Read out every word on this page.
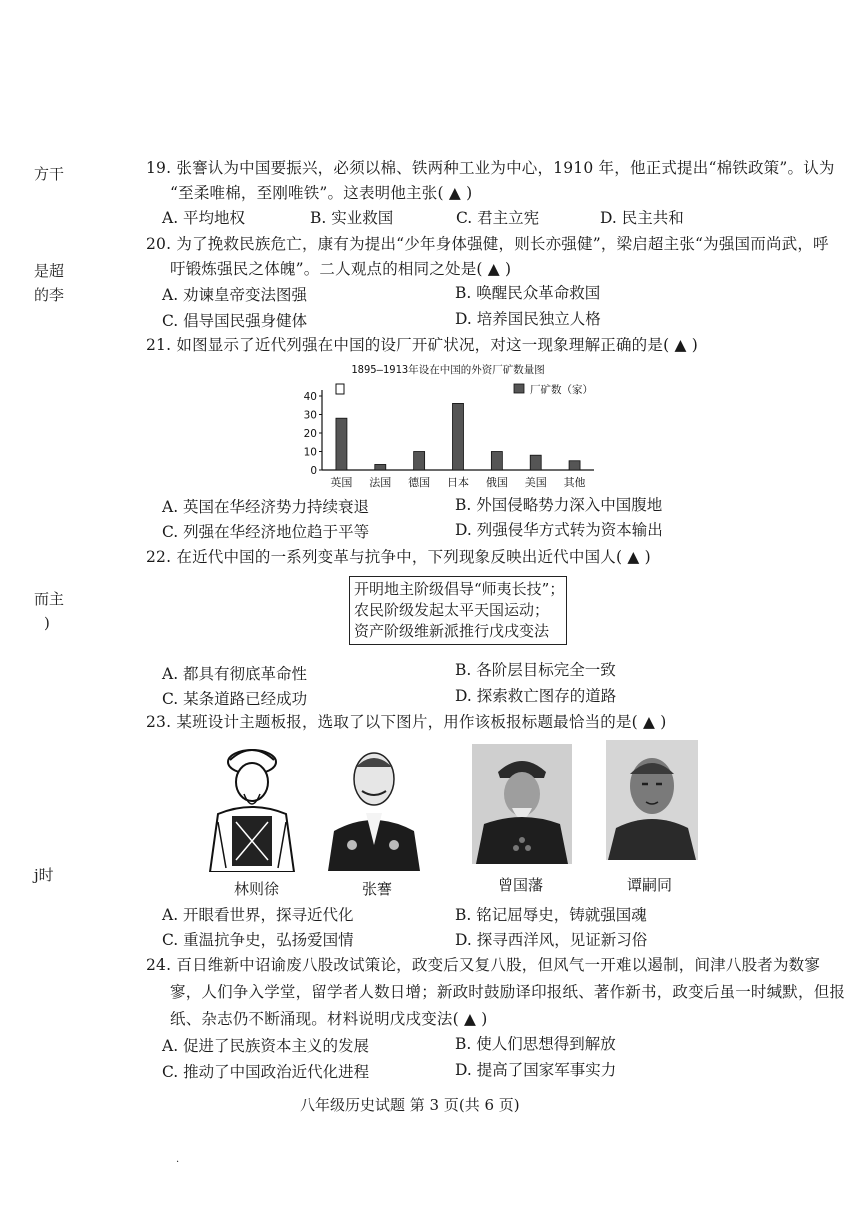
方干
是超
的李
而主
)
j时
19. 张謇认为中国要振兴，必须以棉、铁两种工业为中心，1910 年，他正式提出“棉铁政策”。认为
“至柔唯棉，至刚唯铁”。这表明他主张( ▲ )
A. 平均地权	B. 实业救国	C. 君主立宪	D. 民主共和
20. 为了挽救民族危亡，康有为提出“少年身体强健，则长亦强健”，梁启超主张“为强国而尚武，呼
吁锻炼强民之体魄”。二人观点的相同之处是( ▲ )
A. 劝谏皇帝变法图强	B. 唤醒民众革命救国
C. 倡导国民强身健体	D. 培养国民独立人格
21. 如图显示了近代列强在中国的设厂开矿状况，对这一现象理解正确的是( ▲ )
1895—1913年设在中国的外资厂矿数量图
厂矿数（家）
英国 法国 德国 日本 俄国 美国 其他
0
10
20
30
40
A. 英国在华经济势力持续衰退	B. 外国侵略势力深入中国腹地
C. 列强在华经济地位趋于平等	D. 列强侵华方式转为资本输出
22. 在近代中国的一系列变革与抗争中，下列现象反映出近代中国人( ▲ )
开明地主阶级倡导“师夷长技”；
农民阶级发起太平天国运动；
资产阶级维新派推行戊戌变法
A. 都具有彻底革命性	B. 各阶层目标完全一致
C. 某条道路已经成功	D. 探索救亡图存的道路
23. 某班设计主题板报，选取了以下图片，用作该板报标题最恰当的是( ▲ )
林则徐	张謇	曾国藩	谭嗣同
A. 开眼看世界，探寻近代化	B. 铭记屈辱史，铸就强国魂
C. 重温抗争史，弘扬爱国情	D. 探寻西洋风，见证新习俗
24. 百日维新中诏谕废八股改试策论，政变后又复八股，但风气一开难以遏制，间津八股者为数寥
寥，人们争入学堂，留学者人数日增；新政时鼓励译印报纸、著作新书，政变后虽一时缄默，但报
纸、杂志仍不断涌现。材料说明戊戌变法( ▲ )
A. 促进了民族资本主义的发展	B. 使人们思想得到解放
C. 推动了中国政治近代化进程	D. 提高了国家军事实力
八年级历史试题 第 3 页(共 6 页)
.
